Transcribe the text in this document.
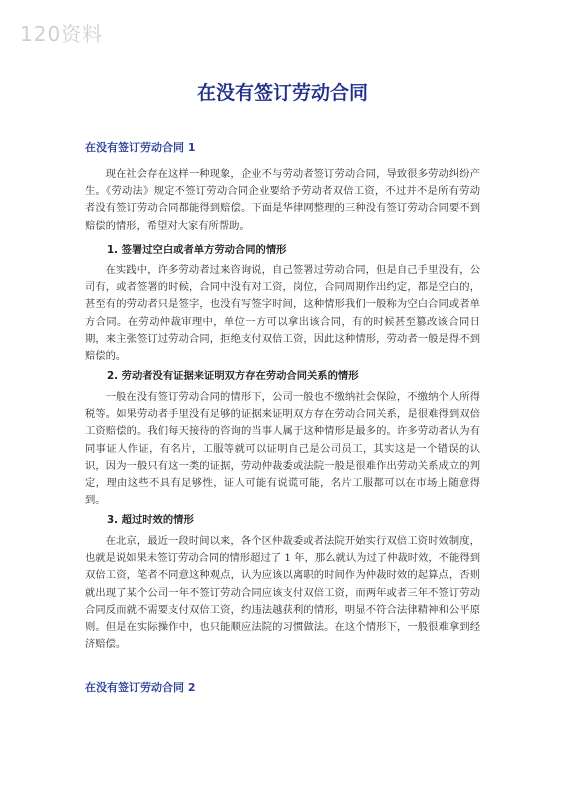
120资料
在没有签订劳动合同
在没有签订劳动合同 1

现在社会存在这样一种现象，企业不与劳动者签订劳动合同，导致很多劳动纠纷产生。《劳动法》规定不签订劳动合同企业要给予劳动者双倍工资，不过并不是所有劳动者没有签订劳动合同都能得到赔偿。下面是华律网整理的三种没有签订劳动合同要不到赔偿的情形，希望对大家有所帮助。

1. 签署过空白或者单方劳动合同的情形

在实践中，许多劳动者过来咨询说，自己签署过劳动合同，但是自己手里没有，公司有，或者签署的时候，合同中没有对工资，岗位，合同周期作出约定，都是空白的，甚至有的劳动者只是签字，也没有写签字时间，这种情形我们一般称为空白合同或者单方合同。在劳动仲裁审理中，单位一方可以拿出该合同，有的时候甚至篡改该合同日期，来主张签订过劳动合同，拒绝支付双倍工资，因此这种情形，劳动者一般是得不到赔偿的。

2. 劳动者没有证据来证明双方存在劳动合同关系的情形

一般在没有签订劳动合同的情形下，公司一般也不缴纳社会保险，不缴纳个人所得税等。如果劳动者手里没有足够的证据来证明双方存在劳动合同关系，是很难得到双倍工资赔偿的。我们每天接待的咨询的当事人属于这种情形是最多的。许多劳动者认为有同事证人作证，有名片，工服等就可以证明自己是公司员工，其实这是一个错误的认识，因为一般只有这一类的证据，劳动仲裁委或法院一般是很难作出劳动关系成立的判定，理由这些不具有足够性，证人可能有说谎可能，名片工服都可以在市场上随意得到。

3. 超过时效的情形

在北京，最近一段时间以来，各个区仲裁委或者法院开始实行双倍工资时效制度，也就是说如果未签订劳动合同的情形超过了 1 年，那么就认为过了仲裁时效，不能得到双倍工资，笔者不同意这种观点，认为应该以离职的时间作为仲裁时效的起算点，否则就出现了某个公司一年不签订劳动合同应该支付双倍工资，而两年或者三年不签订劳动合同反而就不需要支付双倍工资，约违法越获利的情形，明显不符合法律精神和公平原则。但是在实际操作中，也只能顺应法院的习惯做法。在这个情形下，一般很难拿到经济赔偿。

在没有签订劳动合同 2
